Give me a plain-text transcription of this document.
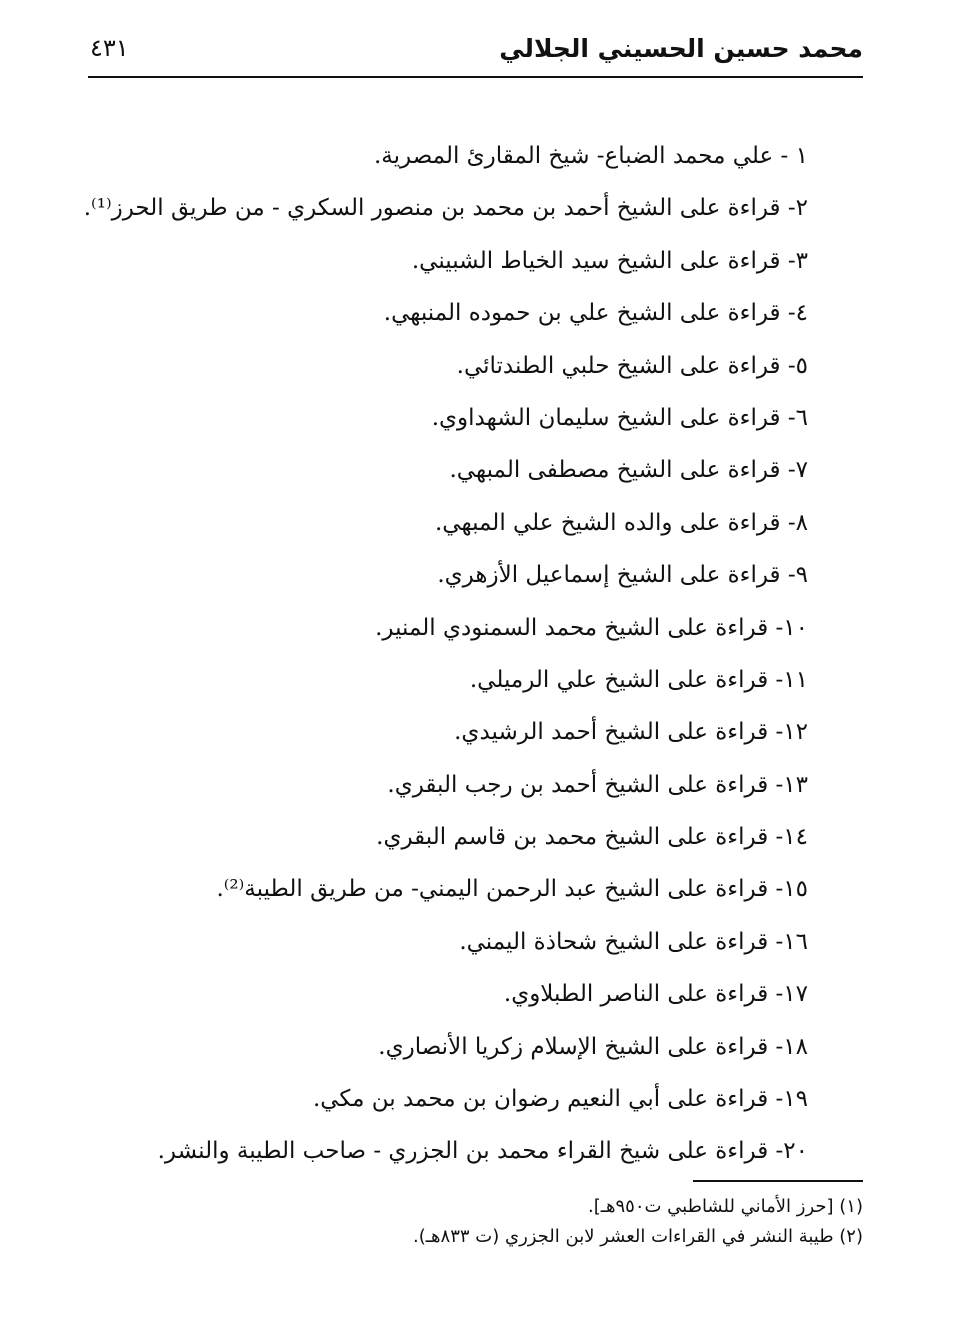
محمد حسين الحسيني الجلالي
٤٣١
١ - علي محمد الضباع- شيخ المقارئ المصرية.
٢- قراءة على الشيخ أحمد بن محمد بن منصور السكري - من طريق الحرز⁽¹⁾.
٣- قراءة على الشيخ سيد الخياط الشبيني.
٤- قراءة على الشيخ علي بن حموده المنبهي.
٥- قراءة على الشيخ حلبي الطندتائي.
٦- قراءة على الشيخ سليمان الشهداوي.
٧- قراءة على الشيخ مصطفى المبهي.
٨- قراءة على والده الشيخ علي المبهي.
٩- قراءة على الشيخ إسماعيل الأزهري.
١٠- قراءة على الشيخ محمد السمنودي المنير.
١١- قراءة على الشيخ علي الرميلي.
١٢- قراءة على الشيخ أحمد الرشيدي.
١٣- قراءة على الشيخ أحمد بن رجب البقري.
١٤- قراءة على الشيخ محمد بن قاسم البقري.
١٥- قراءة على الشيخ عبد الرحمن اليمني- من طريق الطيبة⁽²⁾.
١٦- قراءة على الشيخ شحاذة اليمني.
١٧- قراءة على الناصر الطبلاوي.
١٨- قراءة على الشيخ الإسلام زكريا الأنصاري.
١٩- قراءة على أبي النعيم رضوان بن محمد بن مكي.
٢٠- قراءة على شيخ القراء محمد بن الجزري - صاحب الطيبة والنشر.
(١) [حرز الأماني للشاطبي ت٩٥٠هـ].
(٢) طيبة النشر في القراءات العشر لابن الجزري (ت ٨٣٣هـ).
